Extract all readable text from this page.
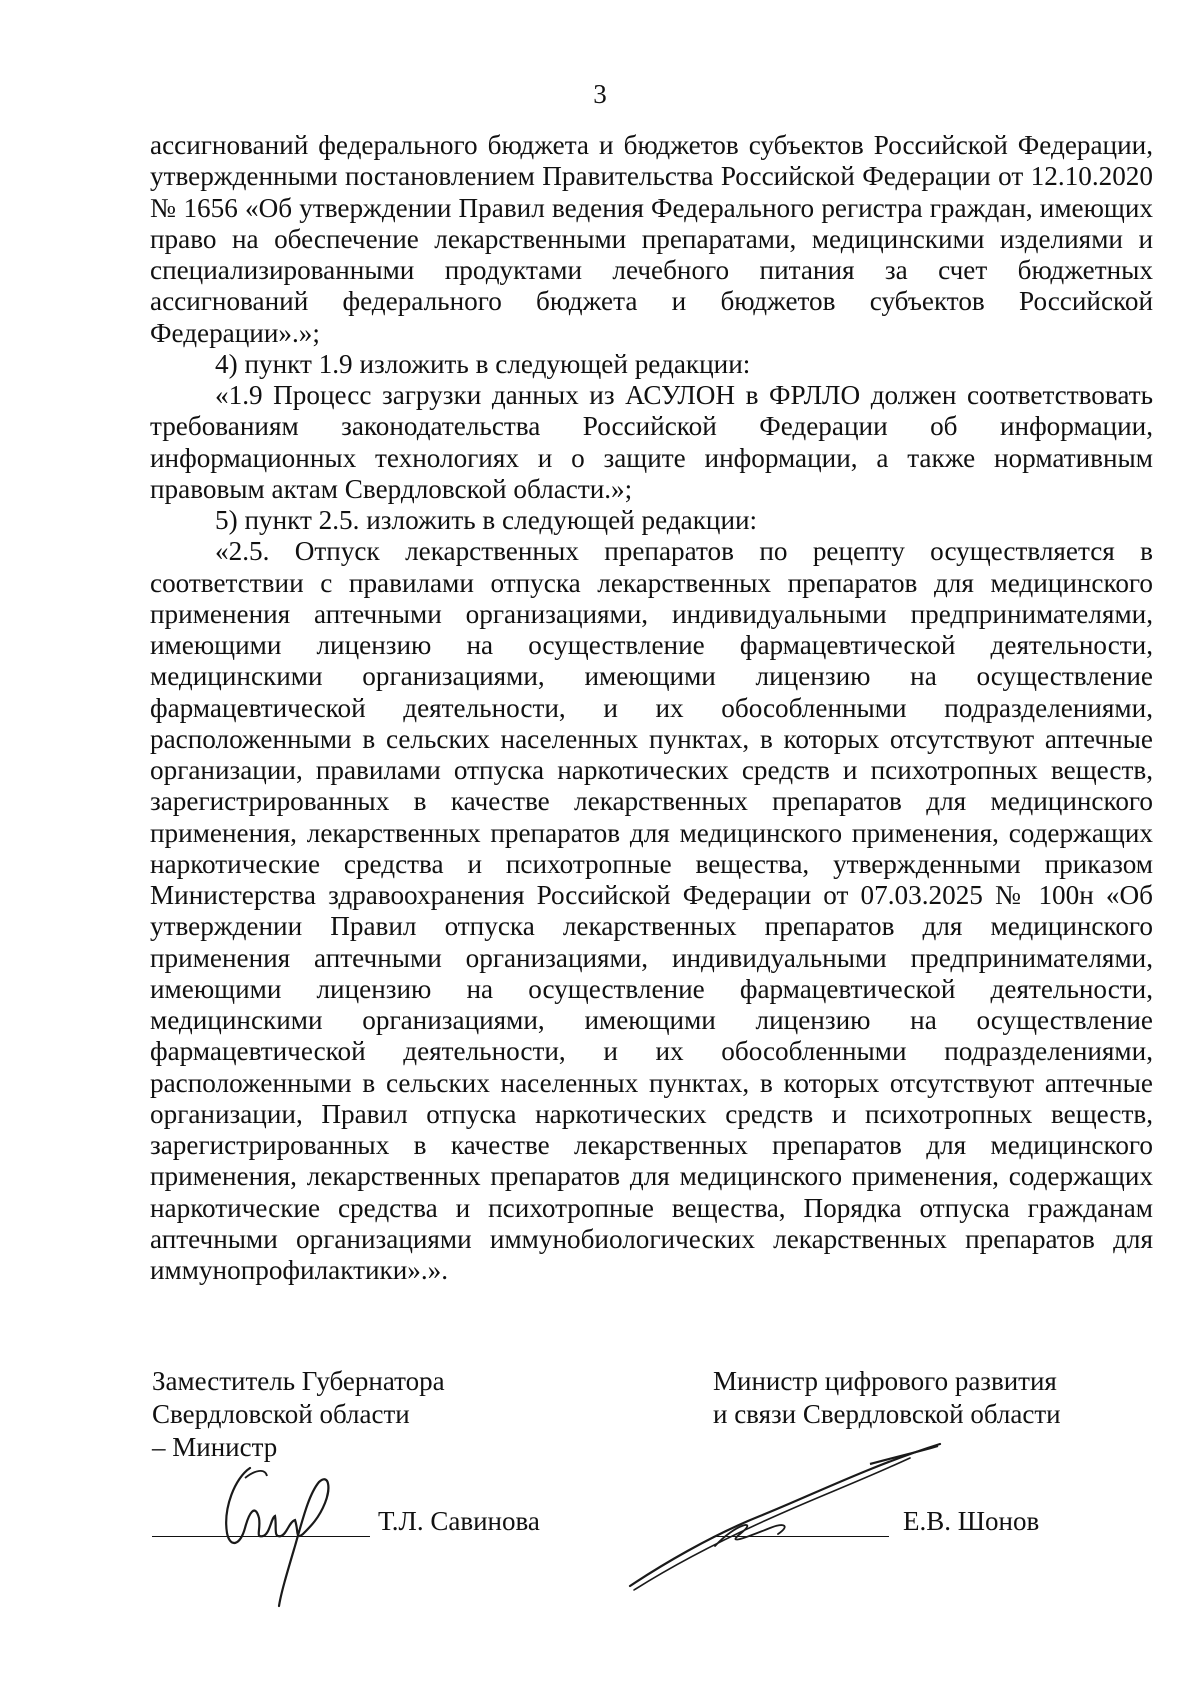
3

ассигнований федерального бюджета и бюджетов субъектов Российской Федерации, утвержденными постановлением Правительства Российской Федерации от 12.10.2020 № 1656 «Об утверждении Правил ведения Федерального регистра граждан, имеющих право на обеспечение лекарственными препаратами, медицинскими изделиями и специализированными продуктами лечебного питания за счет бюджетных ассигнований федерального бюджета и бюджетов субъектов Российской Федерации».»;

4) пункт 1.9 изложить в следующей редакции:

«1.9 Процесс загрузки данных из АСУЛОН в ФРЛЛО должен соответствовать требованиям законодательства Российской Федерации об информации, информационных технологиях и о защите информации, а также нормативным правовым актам Свердловской области.»;

5) пункт 2.5. изложить в следующей редакции:

«2.5. Отпуск лекарственных препаратов по рецепту осуществляется в соответствии с правилами отпуска лекарственных препаратов для медицинского применения аптечными организациями, индивидуальными предпринимателями, имеющими лицензию на осуществление фармацевтической деятельности, медицинскими организациями, имеющими лицензию на осуществление фармацевтической деятельности, и их обособленными подразделениями, расположенными в сельских населенных пунктах, в которых отсутствуют аптечные организации, правилами отпуска наркотических средств и психотропных веществ, зарегистрированных в качестве лекарственных препаратов для медицинского применения, лекарственных препаратов для медицинского применения, содержащих наркотические средства и психотропные вещества, утвержденными приказом Министерства здравоохранения Российской Федерации от 07.03.2025 № 100н «Об утверждении Правил отпуска лекарственных препаратов для медицинского применения аптечными организациями, индивидуальными предпринимателями, имеющими лицензию на осуществление фармацевтической деятельности, медицинскими организациями, имеющими лицензию на осуществление фармацевтической деятельности, и их обособленными подразделениями, расположенными в сельских населенных пунктах, в которых отсутствуют аптечные организации, Правил отпуска наркотических средств и психотропных веществ, зарегистрированных в качестве лекарственных препаратов для медицинского применения, лекарственных препаратов для медицинского применения, содержащих наркотические средства и психотропные вещества, Порядка отпуска гражданам аптечными организациями иммунобиологических лекарственных препаратов для иммунопрофилактики».».

Заместитель Губернатора
Свердловской области
– Министр
Т.Л. Савинова
Министр цифрового развития
и связи Свердловской области
Е.В. Шонов
